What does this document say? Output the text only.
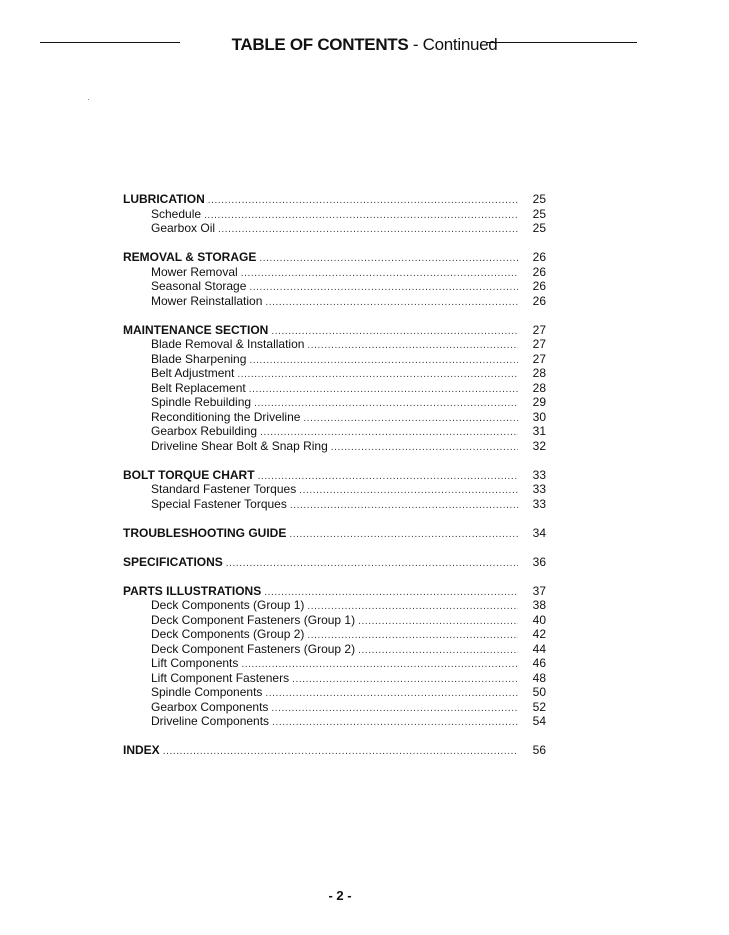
TABLE OF CONTENTS - Continued
LUBRICATION .....	25
Schedule .....	25
Gearbox Oil .....	25
REMOVAL & STORAGE .....	26
Mower Removal .....	26
Seasonal Storage .....	26
Mower Reinstallation .....	26
MAINTENANCE SECTION .....	27
Blade Removal & Installation .....	27
Blade Sharpening .....	27
Belt Adjustment .....	28
Belt Replacement .....	28
Spindle Rebuilding .....	29
Reconditioning the Driveline .....	30
Gearbox Rebuilding .....	31
Driveline Shear Bolt & Snap Ring .....	32
BOLT TORQUE CHART .....	33
Standard Fastener Torques .....	33
Special Fastener Torques .....	33
TROUBLESHOOTING GUIDE .....	34
SPECIFICATIONS .....	36
PARTS ILLUSTRATIONS .....	37
Deck Components (Group 1) .....	38
Deck Component Fasteners (Group 1) .....	40
Deck Components (Group 2) .....	42
Deck Component Fasteners (Group 2) .....	44
Lift Components .....	46
Lift Component Fasteners .....	48
Spindle Components .....	50
Gearbox Components .....	52
Driveline Components .....	54
INDEX .....	56
- 2 -
